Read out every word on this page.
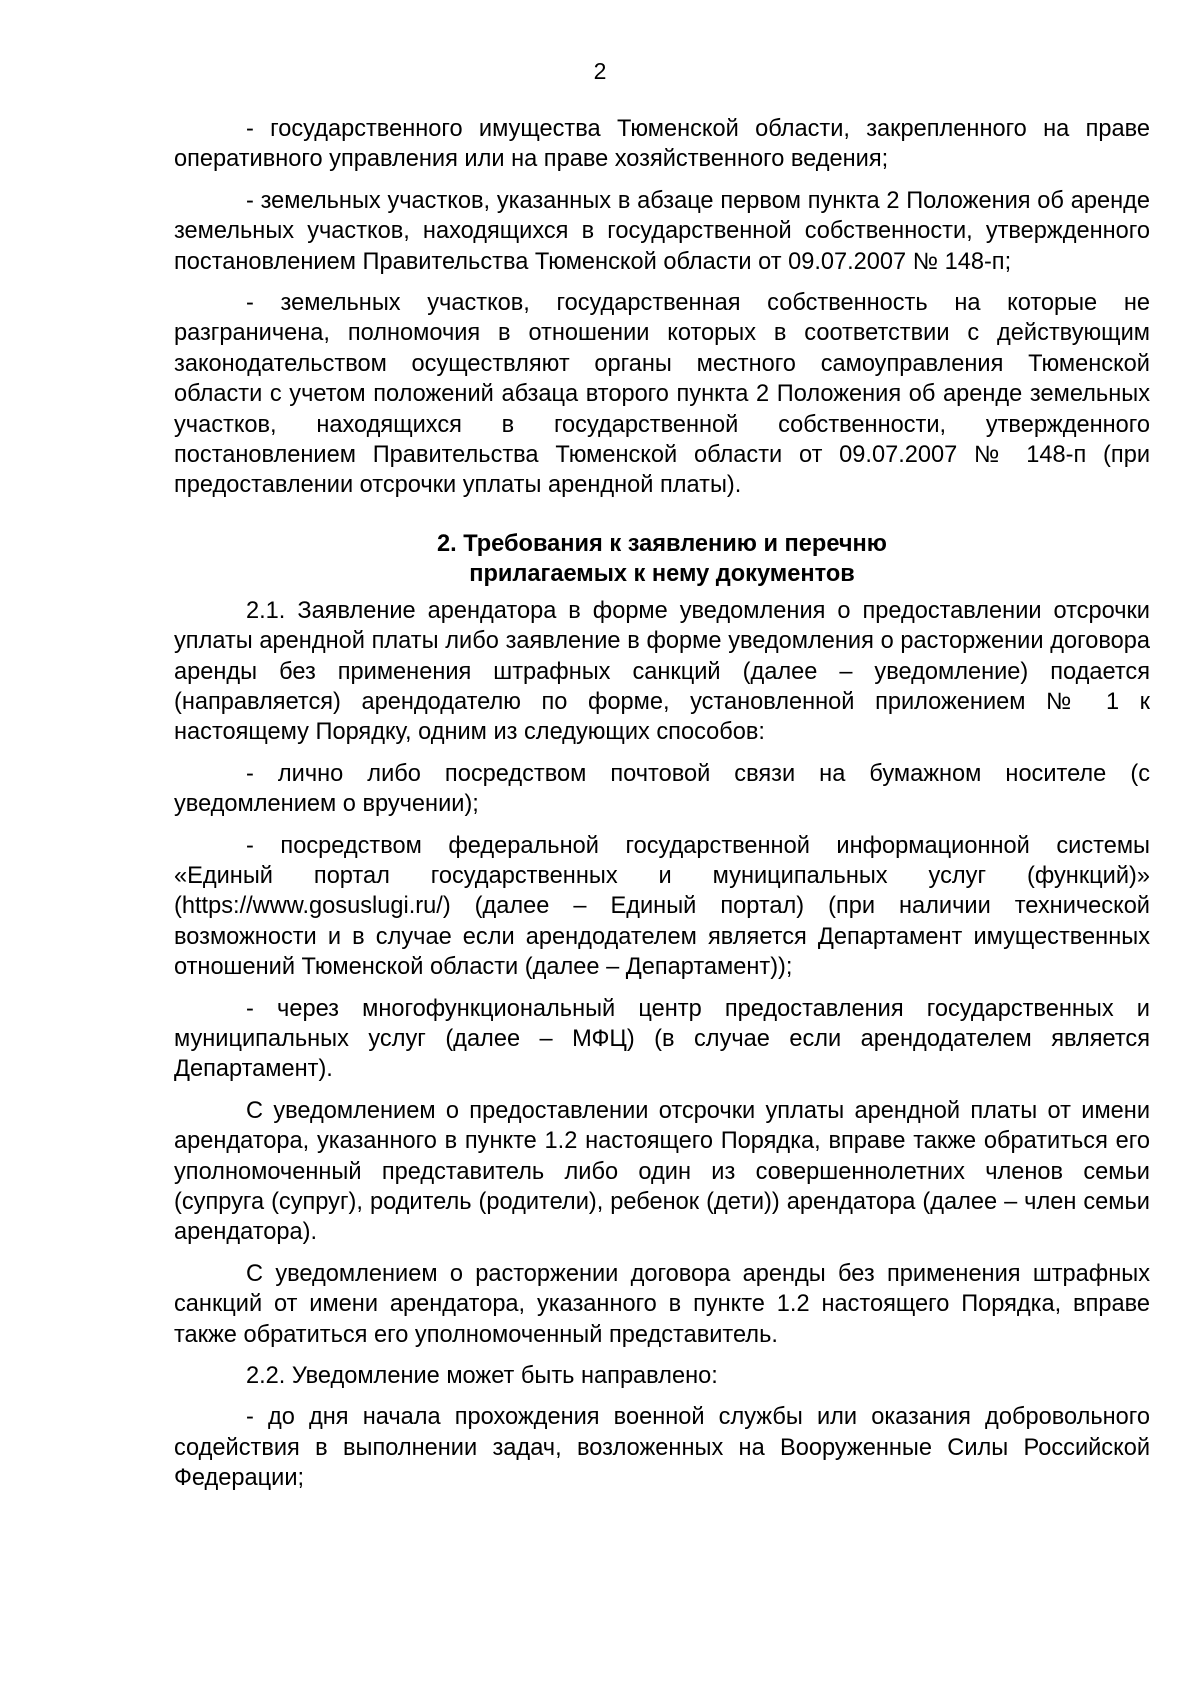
2

- государственного имущества Тюменской области, закрепленного на праве оперативного управления или на праве хозяйственного ведения;

- земельных участков, указанных в абзаце первом пункта 2 Положения об аренде земельных участков, находящихся в государственной собственности, утвержденного постановлением Правительства Тюменской области от 09.07.2007 № 148-п;

- земельных участков, государственная собственность на которые не разграничена, полномочия в отношении которых в соответствии с действующим законодательством осуществляют органы местного самоуправления Тюменской области с учетом положений абзаца второго пункта 2 Положения об аренде земельных участков, находящихся в государственной собственности, утвержденного постановлением Правительства Тюменской области от 09.07.2007 № 148-п (при предоставлении отсрочки уплаты арендной платы).

2. Требования к заявлению и перечню
прилагаемых к нему документов

2.1. Заявление арендатора в форме уведомления о предоставлении отсрочки уплаты арендной платы либо заявление в форме уведомления о расторжении договора аренды без применения штрафных санкций (далее – уведомление) подается (направляется) арендодателю по форме, установленной приложением № 1 к настоящему Порядку, одним из следующих способов:

- лично либо посредством почтовой связи на бумажном носителе (с уведомлением о вручении);

- посредством федеральной государственной информационной системы «Единый портал государственных и муниципальных услуг (функций)» (https://www.gosuslugi.ru/) (далее – Единый портал) (при наличии технической возможности и в случае если арендодателем является Департамент имущественных отношений Тюменской области (далее – Департамент));

- через многофункциональный центр предоставления государственных и муниципальных услуг (далее – МФЦ) (в случае если арендодателем является Департамент).

С уведомлением о предоставлении отсрочки уплаты арендной платы от имени арендатора, указанного в пункте 1.2 настоящего Порядка, вправе также обратиться его уполномоченный представитель либо один из совершеннолетних членов семьи (супруга (супруг), родитель (родители), ребенок (дети)) арендатора (далее – член семьи арендатора).

С уведомлением о расторжении договора аренды без применения штрафных санкций от имени арендатора, указанного в пункте 1.2 настоящего Порядка, вправе также обратиться его уполномоченный представитель.

2.2. Уведомление может быть направлено:

- до дня начала прохождения военной службы или оказания добровольного содействия в выполнении задач, возложенных на Вооруженные Силы Российской Федерации;
